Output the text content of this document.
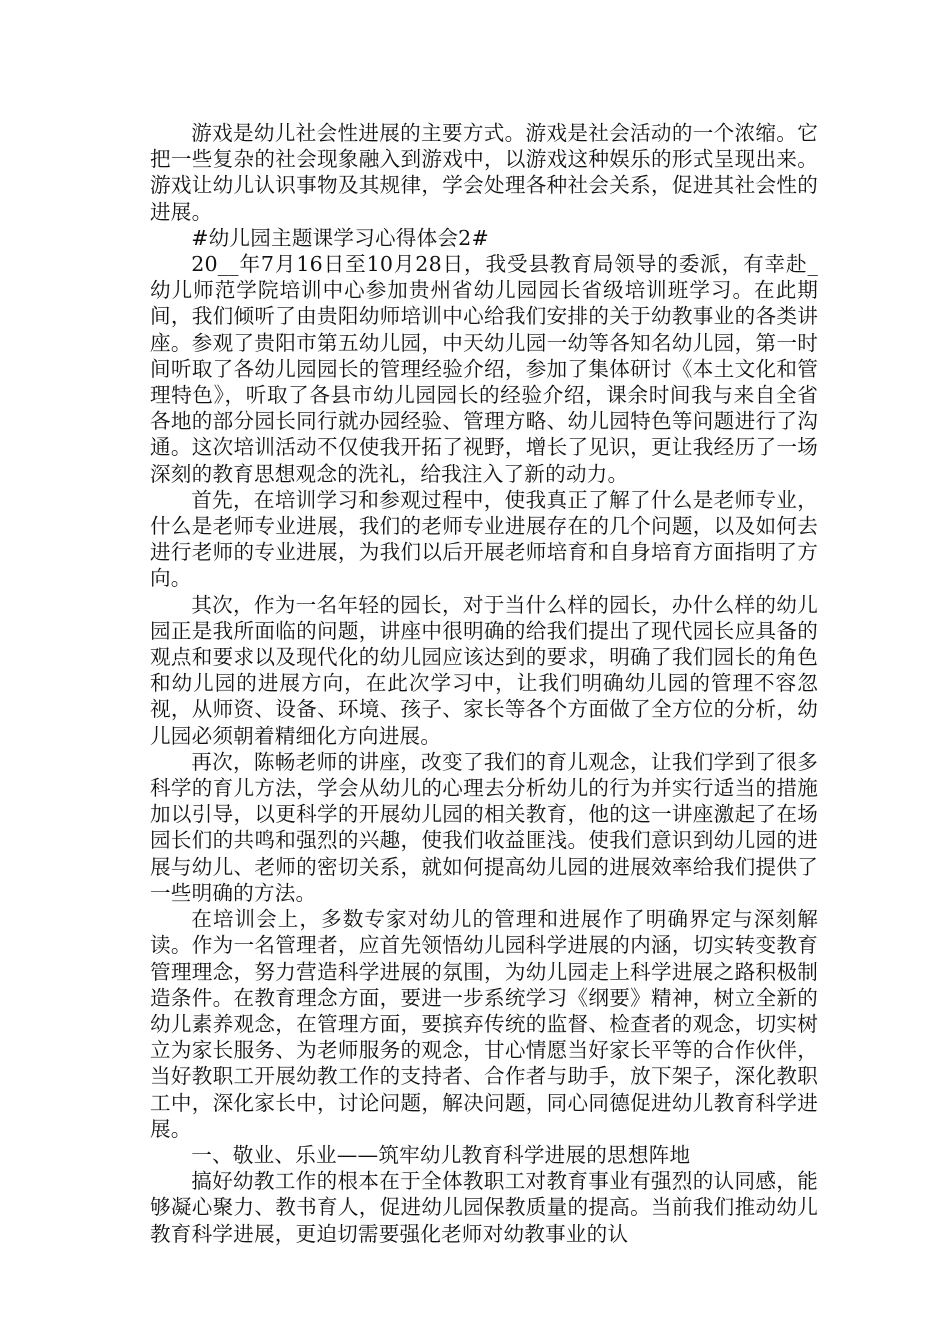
游戏是幼儿社会性进展的主要方式。游戏是社会活动的一个浓缩。它把一些复杂的社会现象融入到游戏中，以游戏这种娱乐的形式呈现出来。游戏让幼儿认识事物及其规律，学会处理各种社会关系，促进其社会性的进展。

#幼儿园主题课学习心得体会2#

20__年7月16日至10月28日，我受县教育局领导的委派，有幸赴_幼儿师范学院培训中心参加贵州省幼儿园园长省级培训班学习。在此期间，我们倾听了由贵阳幼师培训中心给我们安排的关于幼教事业的各类讲座。参观了贵阳市第五幼儿园，中天幼儿园一幼等各知名幼儿园，第一时间听取了各幼儿园园长的管理经验介绍，参加了集体研讨《本土文化和管理特色》，听取了各县市幼儿园园长的经验介绍，课余时间我与来自全省各地的部分园长同行就办园经验、管理方略、幼儿园特色等问题进行了沟通。这次培训活动不仅使我开拓了视野，增长了见识，更让我经历了一场深刻的教育思想观念的洗礼，给我注入了新的动力。

首先，在培训学习和参观过程中，使我真正了解了什么是老师专业，什么是老师专业进展，我们的老师专业进展存在的几个问题，以及如何去进行老师的专业进展，为我们以后开展老师培育和自身培育方面指明了方向。

其次，作为一名年轻的园长，对于当什么样的园长，办什么样的幼儿园正是我所面临的问题，讲座中很明确的给我们提出了现代园长应具备的观点和要求以及现代化的幼儿园应该达到的要求，明确了我们园长的角色和幼儿园的进展方向，在此次学习中，让我们明确幼儿园的管理不容忽视，从师资、设备、环境、孩子、家长等各个方面做了全方位的分析，幼儿园必须朝着精细化方向进展。

再次，陈畅老师的讲座，改变了我们的育儿观念，让我们学到了很多科学的育儿方法，学会从幼儿的心理去分析幼儿的行为并实行适当的措施加以引导，以更科学的开展幼儿园的相关教育，他的这一讲座激起了在场园长们的共鸣和强烈的兴趣，使我们收益匪浅。使我们意识到幼儿园的进展与幼儿、老师的密切关系，就如何提高幼儿园的进展效率给我们提供了一些明确的方法。

在培训会上，多数专家对幼儿的管理和进展作了明确界定与深刻解读。作为一名管理者，应首先领悟幼儿园科学进展的内涵，切实转变教育管理理念，努力营造科学进展的氛围，为幼儿园走上科学进展之路积极制造条件。在教育理念方面，要进一步系统学习《纲要》精神，树立全新的幼儿素养观念，在管理方面，要摈弃传统的监督、检查者的观念，切实树立为家长服务、为老师服务的观念，甘心情愿当好家长平等的合作伙伴，当好教职工开展幼教工作的支持者、合作者与助手，放下架子，深化教职工中，深化家长中，讨论问题，解决问题，同心同德促进幼儿教育科学进展。

一、敬业、乐业——筑牢幼儿教育科学进展的思想阵地

搞好幼教工作的根本在于全体教职工对教育事业有强烈的认同感，能够凝心聚力、教书育人，促进幼儿园保教质量的提高。当前我们推动幼儿教育科学进展，更迫切需要强化老师对幼教事业的认
